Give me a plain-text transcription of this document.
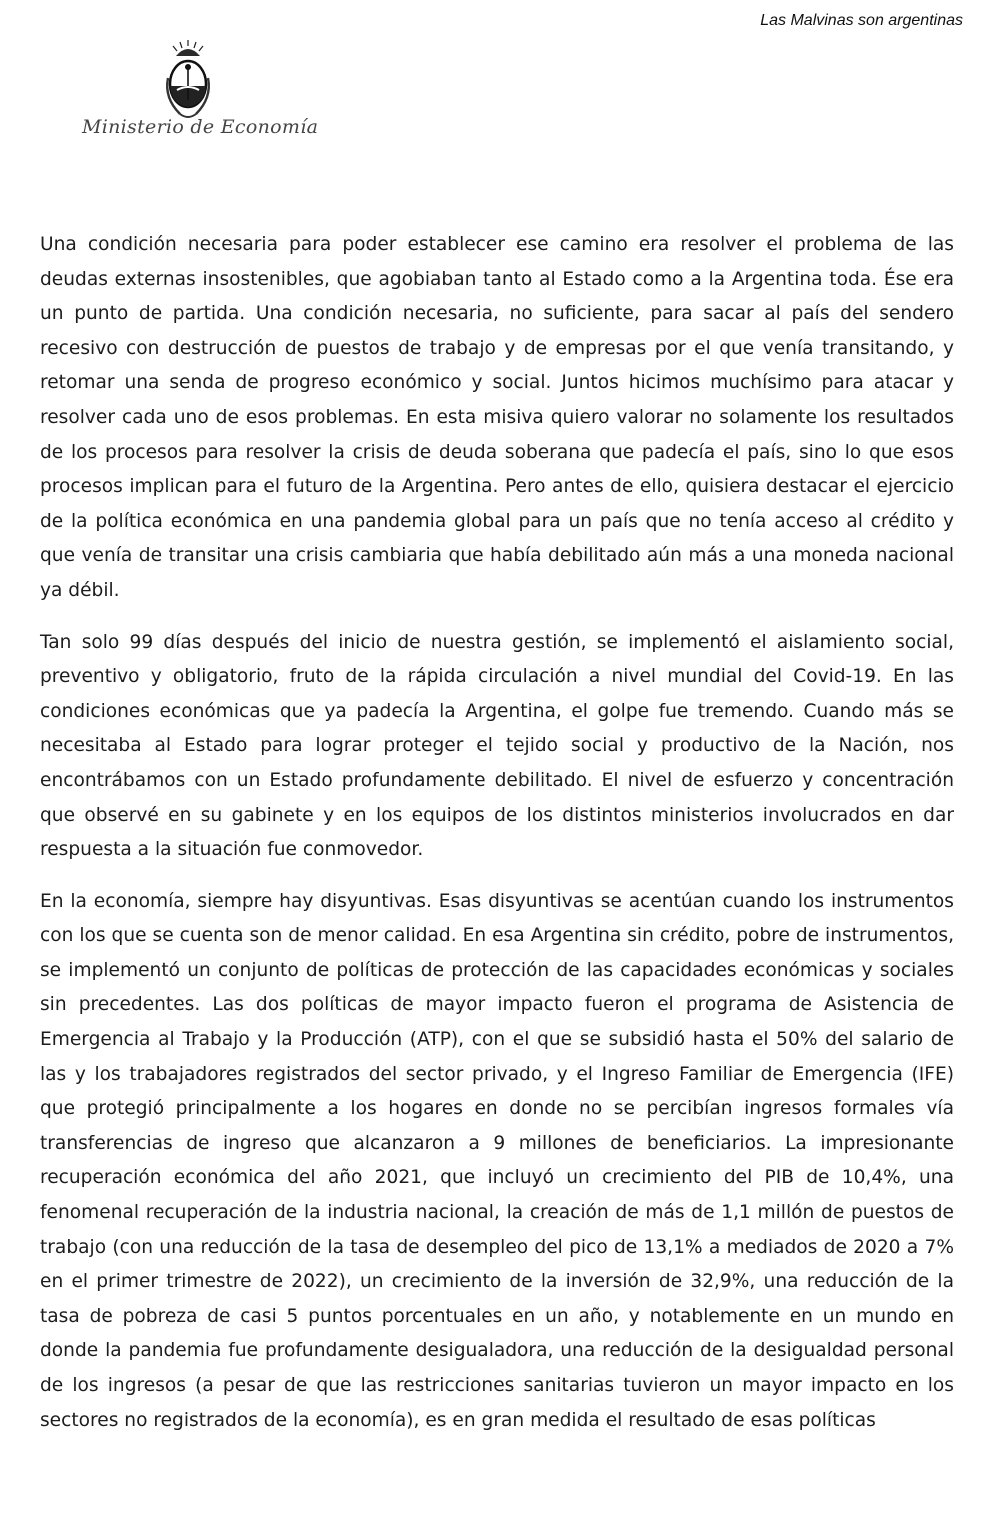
Las Malvinas son argentinas
Ministerio de Economía

Una condición necesaria para poder establecer ese camino era resolver el problema de las deudas externas insostenibles, que agobiaban tanto al Estado como a la Argentina toda. Ése era un punto de partida. Una condición necesaria, no suficiente, para sacar al país del sendero recesivo con destrucción de puestos de trabajo y de empresas por el que venía transitando, y retomar una senda de progreso económico y social. Juntos hicimos muchísimo para atacar y resolver cada uno de esos problemas. En esta misiva quiero valorar no solamente los resultados de los procesos para resolver la crisis de deuda soberana que padecía el país, sino lo que esos procesos implican para el futuro de la Argentina. Pero antes de ello, quisiera destacar el ejercicio de la política económica en una pandemia global para un país que no tenía acceso al crédito y que venía de transitar una crisis cambiaria que había debilitado aún más a una moneda nacional ya débil.

Tan solo 99 días después del inicio de nuestra gestión, se implementó el aislamiento social, preventivo y obligatorio, fruto de la rápida circulación a nivel mundial del Covid-19. En las condiciones económicas que ya padecía la Argentina, el golpe fue tremendo. Cuando más se necesitaba al Estado para lograr proteger el tejido social y productivo de la Nación, nos encontrábamos con un Estado profundamente debilitado. El nivel de esfuerzo y concentración que observé en su gabinete y en los equipos de los distintos ministerios involucrados en dar respuesta a la situación fue conmovedor.

En la economía, siempre hay disyuntivas. Esas disyuntivas se acentúan cuando los instrumentos con los que se cuenta son de menor calidad. En esa Argentina sin crédito, pobre de instrumentos, se implementó un conjunto de políticas de protección de las capacidades económicas y sociales sin precedentes. Las dos políticas de mayor impacto fueron el programa de Asistencia de Emergencia al Trabajo y la Producción (ATP), con el que se subsidió hasta el 50% del salario de las y los trabajadores registrados del sector privado, y el Ingreso Familiar de Emergencia (IFE) que protegió principalmente a los hogares en donde no se percibían ingresos formales vía transferencias de ingreso que alcanzaron a 9 millones de beneficiarios. La impresionante recuperación económica del año 2021, que incluyó un crecimiento del PIB de 10,4%, una fenomenal recuperación de la industria nacional, la creación de más de 1,1 millón de puestos de trabajo (con una reducción de la tasa de desempleo del pico de 13,1% a mediados de 2020 a 7% en el primer trimestre de 2022), un crecimiento de la inversión de 32,9%, una reducción de la tasa de pobreza de casi 5 puntos porcentuales en un año, y notablemente en un mundo en donde la pandemia fue profundamente desigualadora, una reducción de la desigualdad personal de los ingresos (a pesar de que las restricciones sanitarias tuvieron un mayor impacto en los sectores no registrados de la economía), es en gran medida el resultado de esas políticas
